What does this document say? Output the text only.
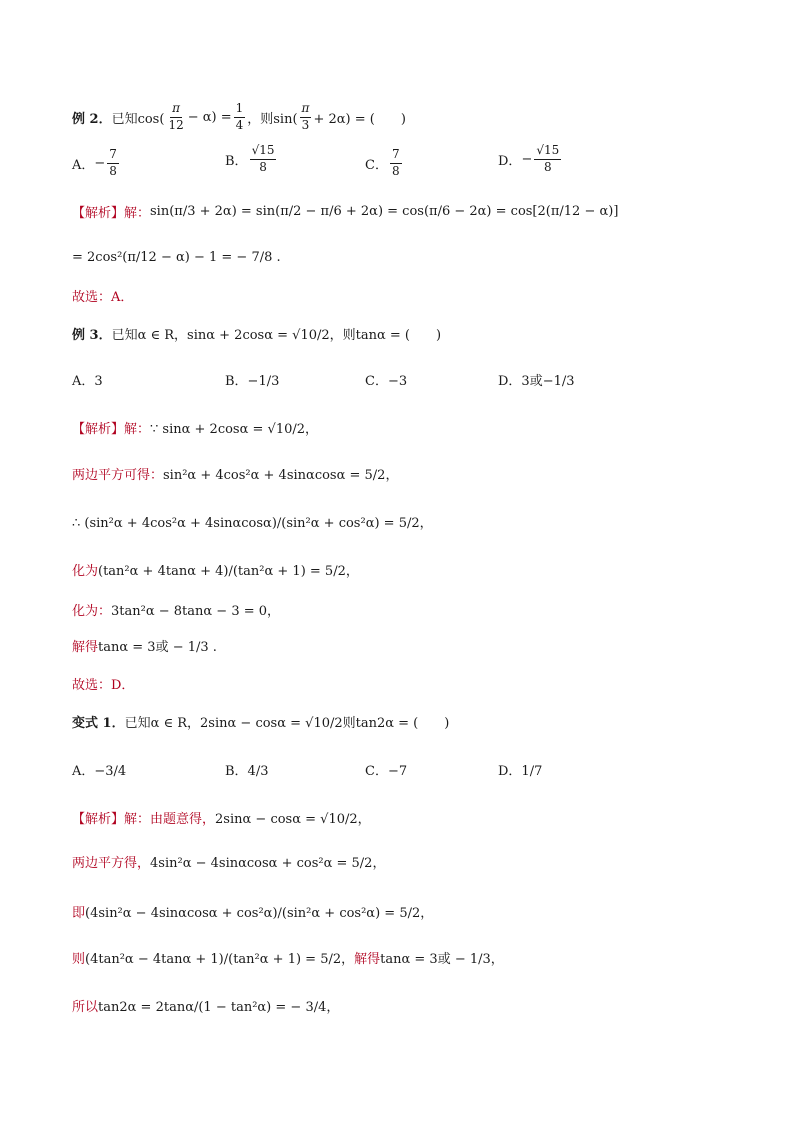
例 2． 已知$\cos( \frac{\pi}{12} - \alpha) = \frac{1}{4}$ ，则$\sin( \frac{\pi}{3} + 2\alpha)$ = (　　)
A． − $\frac{7}{8}$	B． $\frac{√15}{8}$	C． $\frac{7}{8}$	D． − $\frac{√15}{8}$
【解析】解： sin(π/3 + 2α) = sin(π/2 − π/6 + 2α) = cos(π/6 − 2α) = cos[2(π/12 − α)]
= 2cos²(π/12 − α) − 1 = − 7/8 .
故选：A．
例 3． 已知α ∈ R，sinα + 2cosα = √10/2，则tanα = (　　)
A．3	B．−1/3	C．−3	D．3或−1/3
【解析】解： ∵ sinα + 2cosα = √10/2，
两边平方可得： sin²α + 4cos²α + 4sinαcosα = 5/2，
∴ (sin²α + 4cos²α + 4sinαcosα)/(sin²α + cos²α) = 5/2，
化为 (tan²α + 4tanα + 4)/(tan²α + 1) = 5/2，
化为： 3tan²α − 8tanα − 3 = 0，
解得 tanα = 3或 − 1/3 .
故选：D．
变式 1． 已知α ∈ R，2sinα − cosα = √10/2则tan2α = (　　)
A．−3/4	B．4/3	C．−7	D．1/7
【解析】解： 由题意得， 2sinα − cosα = √10/2，
两边平方得， 4sin²α − 4sinαcosα + cos²α = 5/2，
即 (4sin²α − 4sinαcosα + cos²α)/(sin²α + cos²α) = 5/2，
则 (4tan²α − 4tanα + 1)/(tan²α + 1) = 5/2， 解得 tanα = 3或 − 1/3，
所以 tan2α = 2tanα/(1 − tan²α) = − 3/4，
